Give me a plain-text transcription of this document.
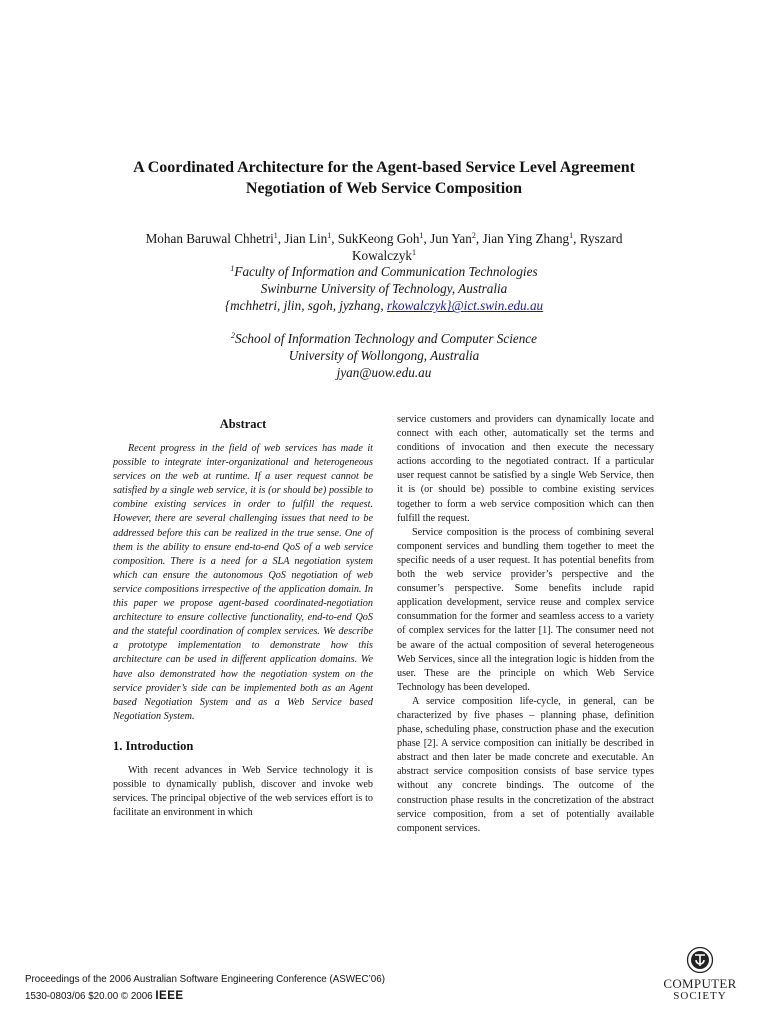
A Coordinated Architecture for the Agent-based Service Level Agreement
Negotiation of Web Service Composition
Mohan Baruwal Chhetri$^1$, Jian Lin$^1$, SukKeong Goh$^1$, Jun Yan$^2$, Jian Ying Zhang$^1$, Ryszard
Kowalczyk$^1$
$^1$Faculty of Information and Communication Technologies
Swinburne University of Technology, Australia
{mchhetri, jlin, sgoh, jyzhang, rkowalczyk}@ict.swin.edu.au
$^2$School of Information Technology and Computer Science
University of Wollongong, Australia
jyan@uow.edu.au
Abstract

Recent progress in the field of web services has made it possible to integrate inter-organizational and heterogeneous services on the web at runtime. If a user request cannot be satisfied by a single web service, it is (or should be) possible to combine existing services in order to fulfill the request. However, there are several challenging issues that need to be addressed before this can be realized in the true sense. One of them is the ability to ensure end-to-end QoS of a web service composition. There is a need for a SLA negotiation system which can ensure the autonomous QoS negotiation of web service compositions irrespective of the application domain. In this paper we propose agent-based coordinated-negotiation architecture to ensure collective functionality, end-to-end QoS and the stateful coordination of complex services. We describe a prototype implementation to demonstrate how this architecture can be used in different application domains. We have also demonstrated how the negotiation system on the service provider’s side can be implemented both as an Agent based Negotiation System and as a Web Service based Negotiation System.

1. Introduction

With recent advances in Web Service technology it is possible to dynamically publish, discover and invoke web services. The principal objective of the web services effort is to facilitate an environment in which

service customers and providers can dynamically locate and connect with each other, automatically set the terms and conditions of invocation and then execute the necessary actions according to the negotiated contract. If a particular user request cannot be satisfied by a single Web Service, then it is (or should be) possible to combine existing services together to form a web service composition which can then fulfill the request.

Service composition is the process of combining several component services and bundling them together to meet the specific needs of a user request. It has potential benefits from both the web service provider’s perspective and the consumer’s perspective. Some benefits include rapid application development, service reuse and complex service consummation for the former and seamless access to a variety of complex services for the latter [1]. The consumer need not be aware of the actual composition of several heterogeneous Web Services, since all the integration logic is hidden from the user. These are the principle on which Web Service Technology has been developed.

A service composition life-cycle, in general, can be characterized by five phases – planning phase, definition phase, scheduling phase, construction phase and the execution phase [2]. A service composition can initially be described in abstract and then later be made concrete and executable. An abstract service composition consists of base service types without any concrete bindings. The outcome of the construction phase results in the concretization of the abstract service composition, from a set of potentially available component services.

Proceedings of the 2006 Australian Software Engineering Conference (ASWEC’06)
1530-0803/06 $20.00 © 2006 IEEE
COMPUTER
SOCIETY
